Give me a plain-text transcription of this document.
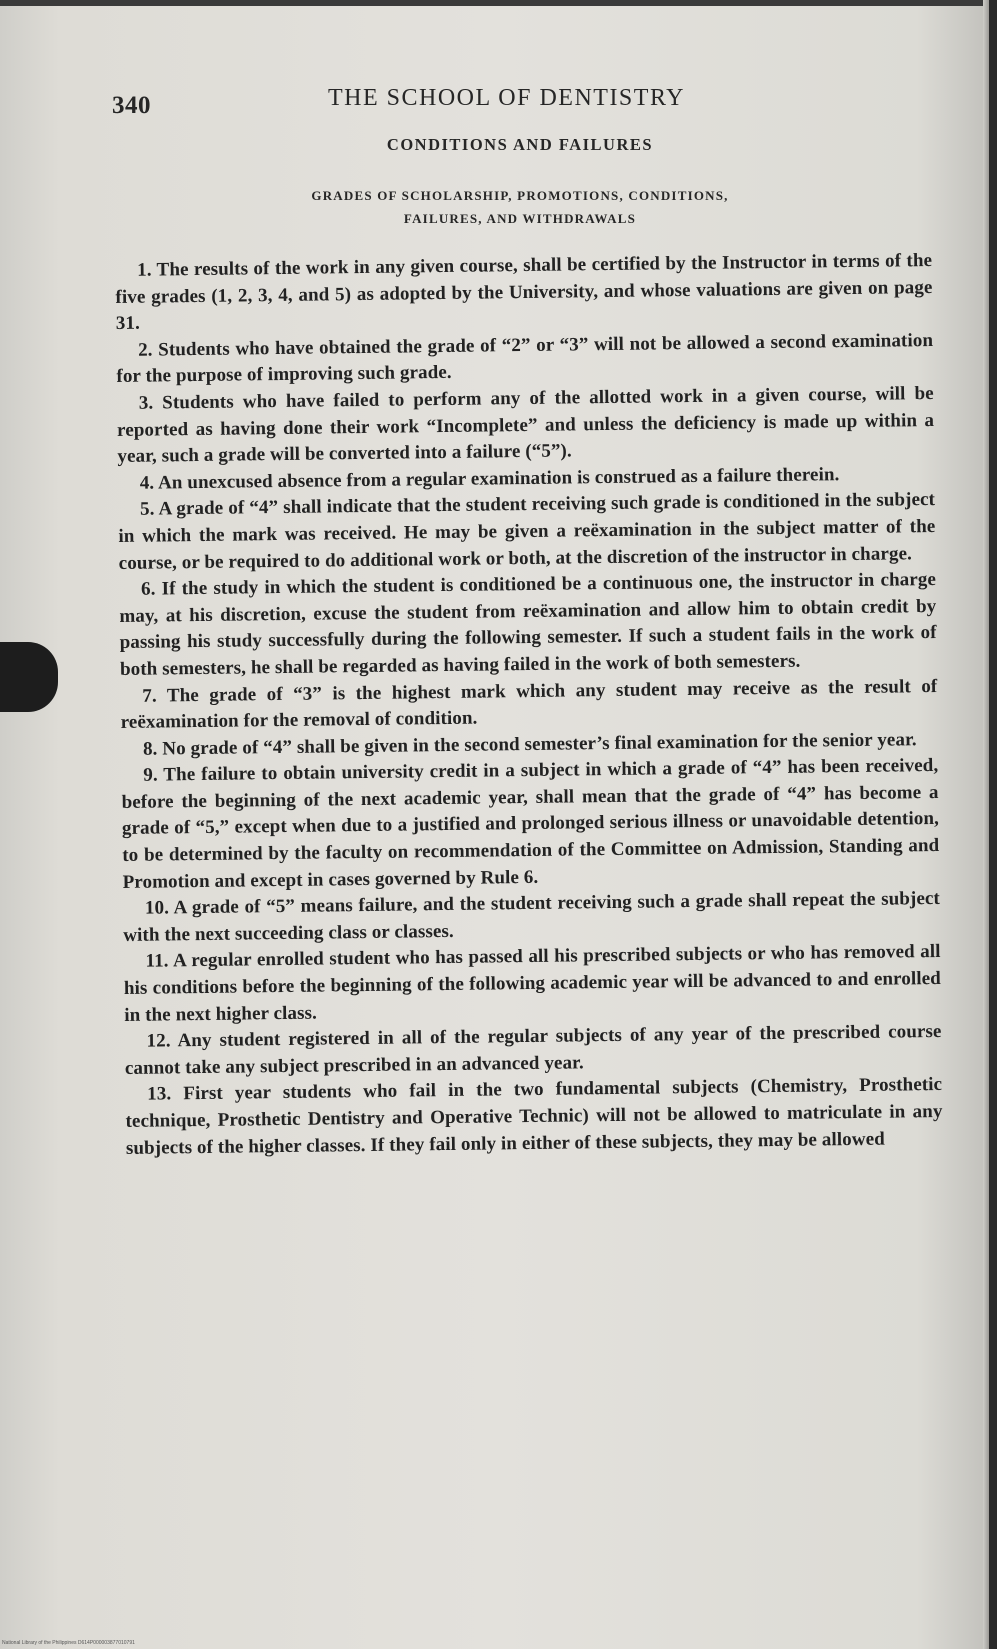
340	THE SCHOOL OF DENTISTRY
CONDITIONS AND FAILURES
GRADES OF SCHOLARSHIP, PROMOTIONS, CONDITIONS,
FAILURES, AND WITHDRAWALS

1. The results of the work in any given course, shall be certified by the Instructor in terms of the five grades (1, 2, 3, 4, and 5) as adopted by the University, and whose valuations are given on page 31.

2. Students who have obtained the grade of “2” or “3” will not be allowed a second examination for the purpose of improving such grade.

3. Students who have failed to perform any of the allotted work in a given course, will be reported as having done their work “Incomplete” and unless the deficiency is made up within a year, such a grade will be converted into a failure (“5”).

4. An unexcused absence from a regular examination is construed as a failure therein.

5. A grade of “4” shall indicate that the student receiving such grade is conditioned in the subject in which the mark was received. He may be given a reëxamination in the subject matter of the course, or be required to do additional work or both, at the discretion of the instructor in charge.

6. If the study in which the student is conditioned be a continuous one, the instructor in charge may, at his discretion, excuse the student from reëxamination and allow him to obtain credit by passing his study successfully during the following semester. If such a student fails in the work of both semesters, he shall be regarded as having failed in the work of both semesters.

7. The grade of “3” is the highest mark which any student may receive as the result of reëxamination for the removal of condition.

8. No grade of “4” shall be given in the second semester’s final examination for the senior year.

9. The failure to obtain university credit in a subject in which a grade of “4” has been received, before the beginning of the next academic year, shall mean that the grade of “4” has become a grade of “5,” except when due to a justified and prolonged serious illness or unavoidable detention, to be determined by the faculty on recommendation of the Committee on Admission, Standing and Promotion and except in cases governed by Rule 6.

10. A grade of “5” means failure, and the student receiving such a grade shall repeat the subject with the next succeeding class or classes.

11. A regular enrolled student who has passed all his prescribed subjects or who has removed all his conditions before the beginning of the following academic year will be advanced to and enrolled in the next higher class.

12. Any student registered in all of the regular subjects of any year of the prescribed course cannot take any subject prescribed in an advanced year.

13. First year students who fail in the two fundamental subjects (Chemistry, Prosthetic technique, Prosthetic Dentistry and Operative Technic) will not be allowed to matriculate in any subjects of the higher classes. If they fail only in either of these subjects, they may be allowed

National Library of the Philippines D614P000003877010791
